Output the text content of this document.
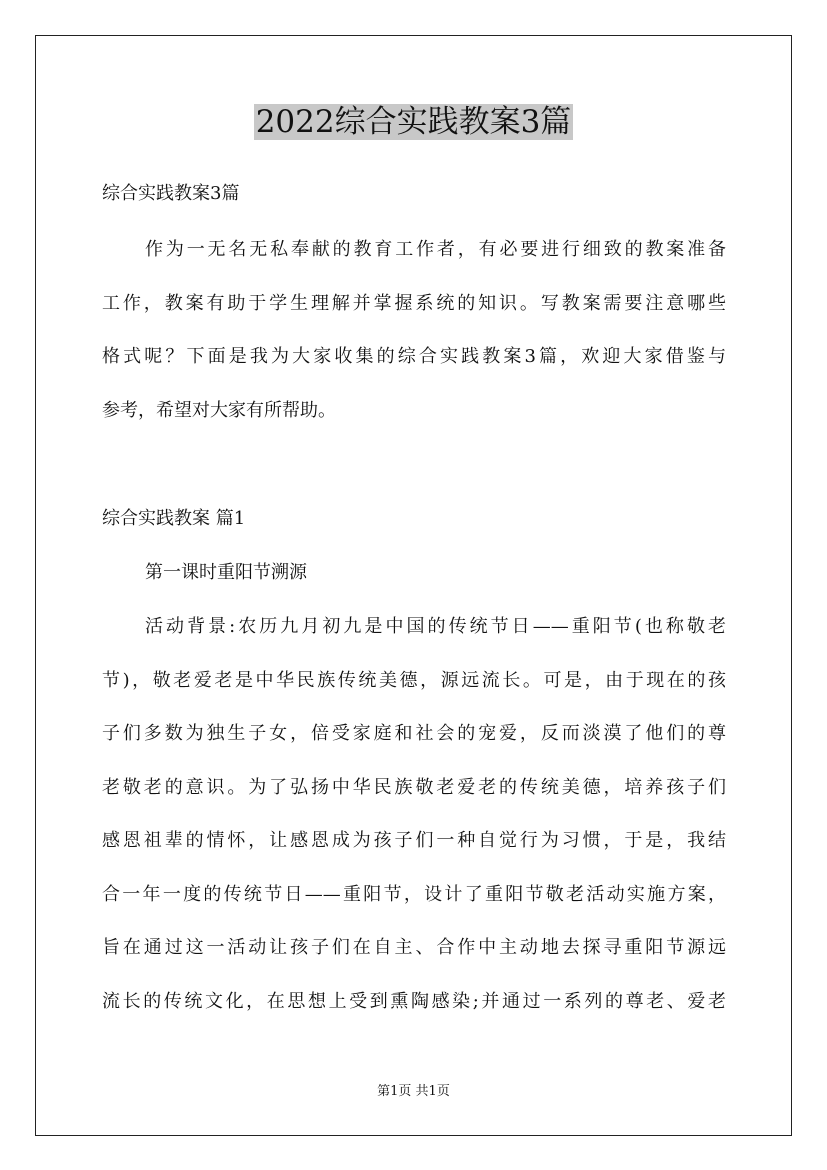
2022综合实践教案3篇

综合实践教案3篇

作为一无名无私奉献的教育工作者，有必要进行细致的教案准备
工作，教案有助于学生理解并掌握系统的知识。写教案需要注意哪些
格式呢？下面是我为大家收集的综合实践教案3篇，欢迎大家借鉴与
参考，希望对大家有所帮助。

综合实践教案 篇1

第一课时重阳节溯源

活动背景:农历九月初九是中国的传统节日——重阳节(也称敬老
节)，敬老爱老是中华民族传统美德，源远流长。可是，由于现在的孩
子们多数为独生子女，倍受家庭和社会的宠爱，反而淡漠了他们的尊
老敬老的意识。为了弘扬中华民族敬老爱老的传统美德，培养孩子们
感恩祖辈的情怀，让感恩成为孩子们一种自觉行为习惯，于是，我结
合一年一度的传统节日——重阳节，设计了重阳节敬老活动实施方案，
旨在通过这一活动让孩子们在自主、合作中主动地去探寻重阳节源远
流长的传统文化，在思想上受到熏陶感染;并通过一系列的尊老、爱老
第1页 共1页
